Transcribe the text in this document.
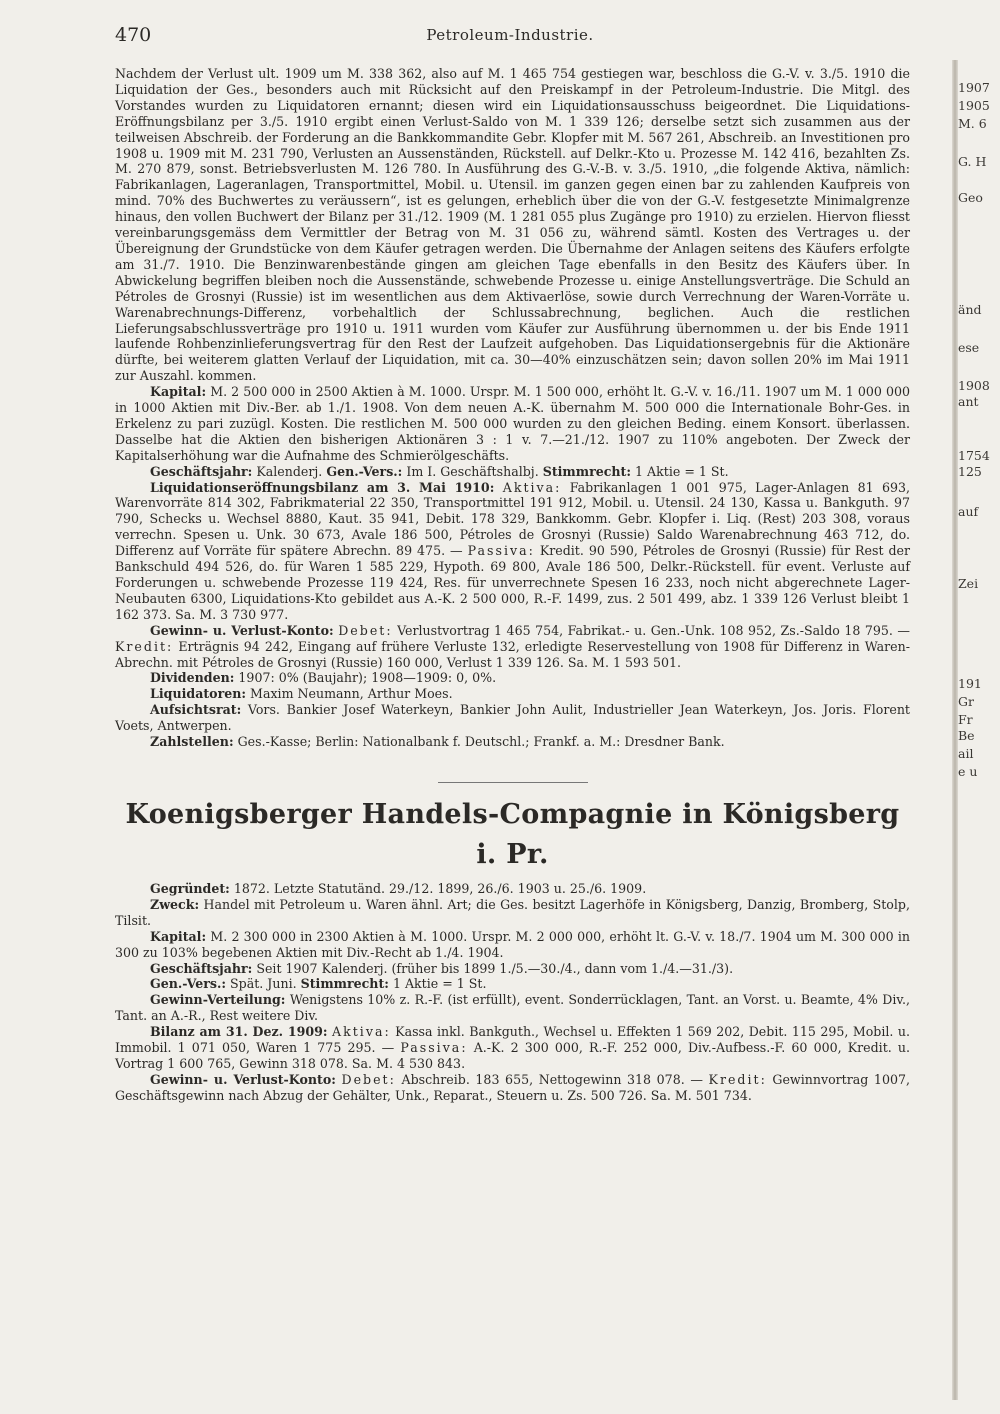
470	Petroleum-Industrie.

Nachdem der Verlust ult. 1909 um M. 338 362, also auf M. 1 465 754 gestiegen war, beschloss die G.-V. v. 3./5. 1910 die Liquidation der Ges., besonders auch mit Rücksicht auf den Preiskampf in der Petroleum-Industrie. Die Mitgl. des Vorstandes wurden zu Liquidatoren ernannt; diesen wird ein Liquidationsausschuss beigeordnet. Die Liquidations-Eröffnungsbilanz per 3./5. 1910 ergibt einen Verlust-Saldo von M. 1 339 126; derselbe setzt sich zusammen aus der teilweisen Abschreib. der Forderung an die Bankkommandite Gebr. Klopfer mit M. 567 261, Abschreib. an Investitionen pro 1908 u. 1909 mit M. 231 790, Verlusten an Aussenständen, Rückstell. auf Delkr.-Kto u. Prozesse M. 142 416, bezahlten Zs. M. 270 879, sonst. Betriebsverlusten M. 126 780. In Ausführung des G.-V.-B. v. 3./5. 1910, „die folgende Aktiva, nämlich: Fabrikanlagen, Lageranlagen, Transportmittel, Mobil. u. Utensil. im ganzen gegen einen bar zu zahlenden Kaufpreis von mind. 70% des Buchwertes zu veräussern“, ist es gelungen, erheblich über die von der G.-V. festgesetzte Minimalgrenze hinaus, den vollen Buchwert der Bilanz per 31./12. 1909 (M. 1 281 055 plus Zugänge pro 1910) zu erzielen. Hiervon fliesst vereinbarungsgemäss dem Vermittler der Betrag von M. 31 056 zu, während sämtl. Kosten des Vertrages u. der Übereignung der Grundstücke von dem Käufer getragen werden. Die Übernahme der Anlagen seitens des Käufers erfolgte am 31./7. 1910. Die Benzinwarenbestände gingen am gleichen Tage ebenfalls in den Besitz des Käufers über. In Abwickelung begriffen bleiben noch die Aussenstände, schwebende Prozesse u. einige Anstellungsverträge. Die Schuld an Pétroles de Grosnyi (Russie) ist im wesentlichen aus dem Aktivaerlöse, sowie durch Verrechnung der Waren-Vorräte u. Warenabrechnungs-Differenz, vorbehaltlich der Schlussabrechnung, beglichen. Auch die restlichen Lieferungsabschlussverträge pro 1910 u. 1911 wurden vom Käufer zur Ausführung übernommen u. der bis Ende 1911 laufende Rohbenzinlieferungsvertrag für den Rest der Laufzeit aufgehoben. Das Liquidationsergebnis für die Aktionäre dürfte, bei weiterem glatten Verlauf der Liquidation, mit ca. 30—40% einzuschätzen sein; davon sollen 20% im Mai 1911 zur Auszahl. kommen.

Kapital: M. 2 500 000 in 2500 Aktien à M. 1000. Urspr. M. 1 500 000, erhöht lt. G.-V. v. 16./11. 1907 um M. 1 000 000 in 1000 Aktien mit Div.-Ber. ab 1./1. 1908. Von dem neuen A.-K. übernahm M. 500 000 die Internationale Bohr-Ges. in Erkelenz zu pari zuzügl. Kosten. Die restlichen M. 500 000 wurden zu den gleichen Beding. einem Konsort. überlassen. Dasselbe hat die Aktien den bisherigen Aktionären 3 : 1 v. 7.—21./12. 1907 zu 110% angeboten. Der Zweck der Kapitalserhöhung war die Aufnahme des Schmierölgeschäfts.

Geschäftsjahr: Kalenderj. Gen.-Vers.: Im I. Geschäftshalbj. Stimmrecht: 1 Aktie = 1 St.

Liquidationseröffnungsbilanz am 3. Mai 1910: Aktiva: Fabrikanlagen 1 001 975, Lager-Anlagen 81 693, Warenvorräte 814 302, Fabrikmaterial 22 350, Transportmittel 191 912, Mobil. u. Utensil. 24 130, Kassa u. Bankguth. 97 790, Schecks u. Wechsel 8880, Kaut. 35 941, Debit. 178 329, Bankkomm. Gebr. Klopfer i. Liq. (Rest) 203 308, voraus verrechn. Spesen u. Unk. 30 673, Avale 186 500, Pétroles de Grosnyi (Russie) Saldo Warenabrechnung 463 712, do. Differenz auf Vorräte für spätere Abrechn. 89 475. — Passiva: Kredit. 90 590, Pétroles de Grosnyi (Russie) für Rest der Bankschuld 494 526, do. für Waren 1 585 229, Hypoth. 69 800, Avale 186 500, Delkr.-Rückstell. für event. Verluste auf Forderungen u. schwebende Prozesse 119 424, Res. für unverrechnete Spesen 16 233, noch nicht abgerechnete Lager-Neubauten 6300, Liquidations-Kto gebildet aus A.-K. 2 500 000, R.-F. 1499, zus. 2 501 499, abz. 1 339 126 Verlust bleibt 1 162 373. Sa. M. 3 730 977.

Gewinn- u. Verlust-Konto: Debet: Verlustvortrag 1 465 754, Fabrikat.- u. Gen.-Unk. 108 952, Zs.-Saldo 18 795. — Kredit: Erträgnis 94 242, Eingang auf frühere Verluste 132, erledigte Reservestellung von 1908 für Differenz in Waren-Abrechn. mit Pétroles de Grosnyi (Russie) 160 000, Verlust 1 339 126. Sa. M. 1 593 501.

Dividenden: 1907: 0% (Baujahr); 1908—1909: 0, 0%.

Liquidatoren: Maxim Neumann, Arthur Moes.

Aufsichtsrat: Vors. Bankier Josef Waterkeyn, Bankier John Aulit, Industrieller Jean Waterkeyn, Jos. Joris. Florent Voets, Antwerpen.

Zahlstellen: Ges.-Kasse; Berlin: Nationalbank f. Deutschl.; Frankf. a. M.: Dresdner Bank.

Koenigsberger Handels-Compagnie in Königsberg i. Pr.

Gegründet: 1872. Letzte Statutänd. 29./12. 1899, 26./6. 1903 u. 25./6. 1909.

Zweck: Handel mit Petroleum u. Waren ähnl. Art; die Ges. besitzt Lagerhöfe in Königsberg, Danzig, Bromberg, Stolp, Tilsit.

Kapital: M. 2 300 000 in 2300 Aktien à M. 1000. Urspr. M. 2 000 000, erhöht lt. G.-V. v. 18./7. 1904 um M. 300 000 in 300 zu 103% begebenen Aktien mit Div.-Recht ab 1./4. 1904.

Geschäftsjahr: Seit 1907 Kalenderj. (früher bis 1899 1./5.—30./4., dann vom 1./4.—31./3).

Gen.-Vers.: Spät. Juni. Stimmrecht: 1 Aktie = 1 St.

Gewinn-Verteilung: Wenigstens 10% z. R.-F. (ist erfüllt), event. Sonderrücklagen, Tant. an Vorst. u. Beamte, 4% Div., Tant. an A.-R., Rest weitere Div.

Bilanz am 31. Dez. 1909: Aktiva: Kassa inkl. Bankguth., Wechsel u. Effekten 1 569 202, Debit. 115 295, Mobil. u. Immobil. 1 071 050, Waren 1 775 295. — Passiva: A.-K. 2 300 000, R.-F. 252 000, Div.-Aufbess.-F. 60 000, Kredit. u. Vortrag 1 600 765, Gewinn 318 078. Sa. M. 4 530 843.

Gewinn- u. Verlust-Konto: Debet: Abschreib. 183 655, Nettogewinn 318 078. — Kredit: Gewinnvortrag 1007, Geschäftsgewinn nach Abzug der Gehälter, Unk., Reparat., Steuern u. Zs. 500 726. Sa. M. 501 734.

1907
1905
M. 6
G. H
Geo
änd
ese
1908
ant
1754
125
auf
Zei
191
Gr
Fr
Be
ail
e u
